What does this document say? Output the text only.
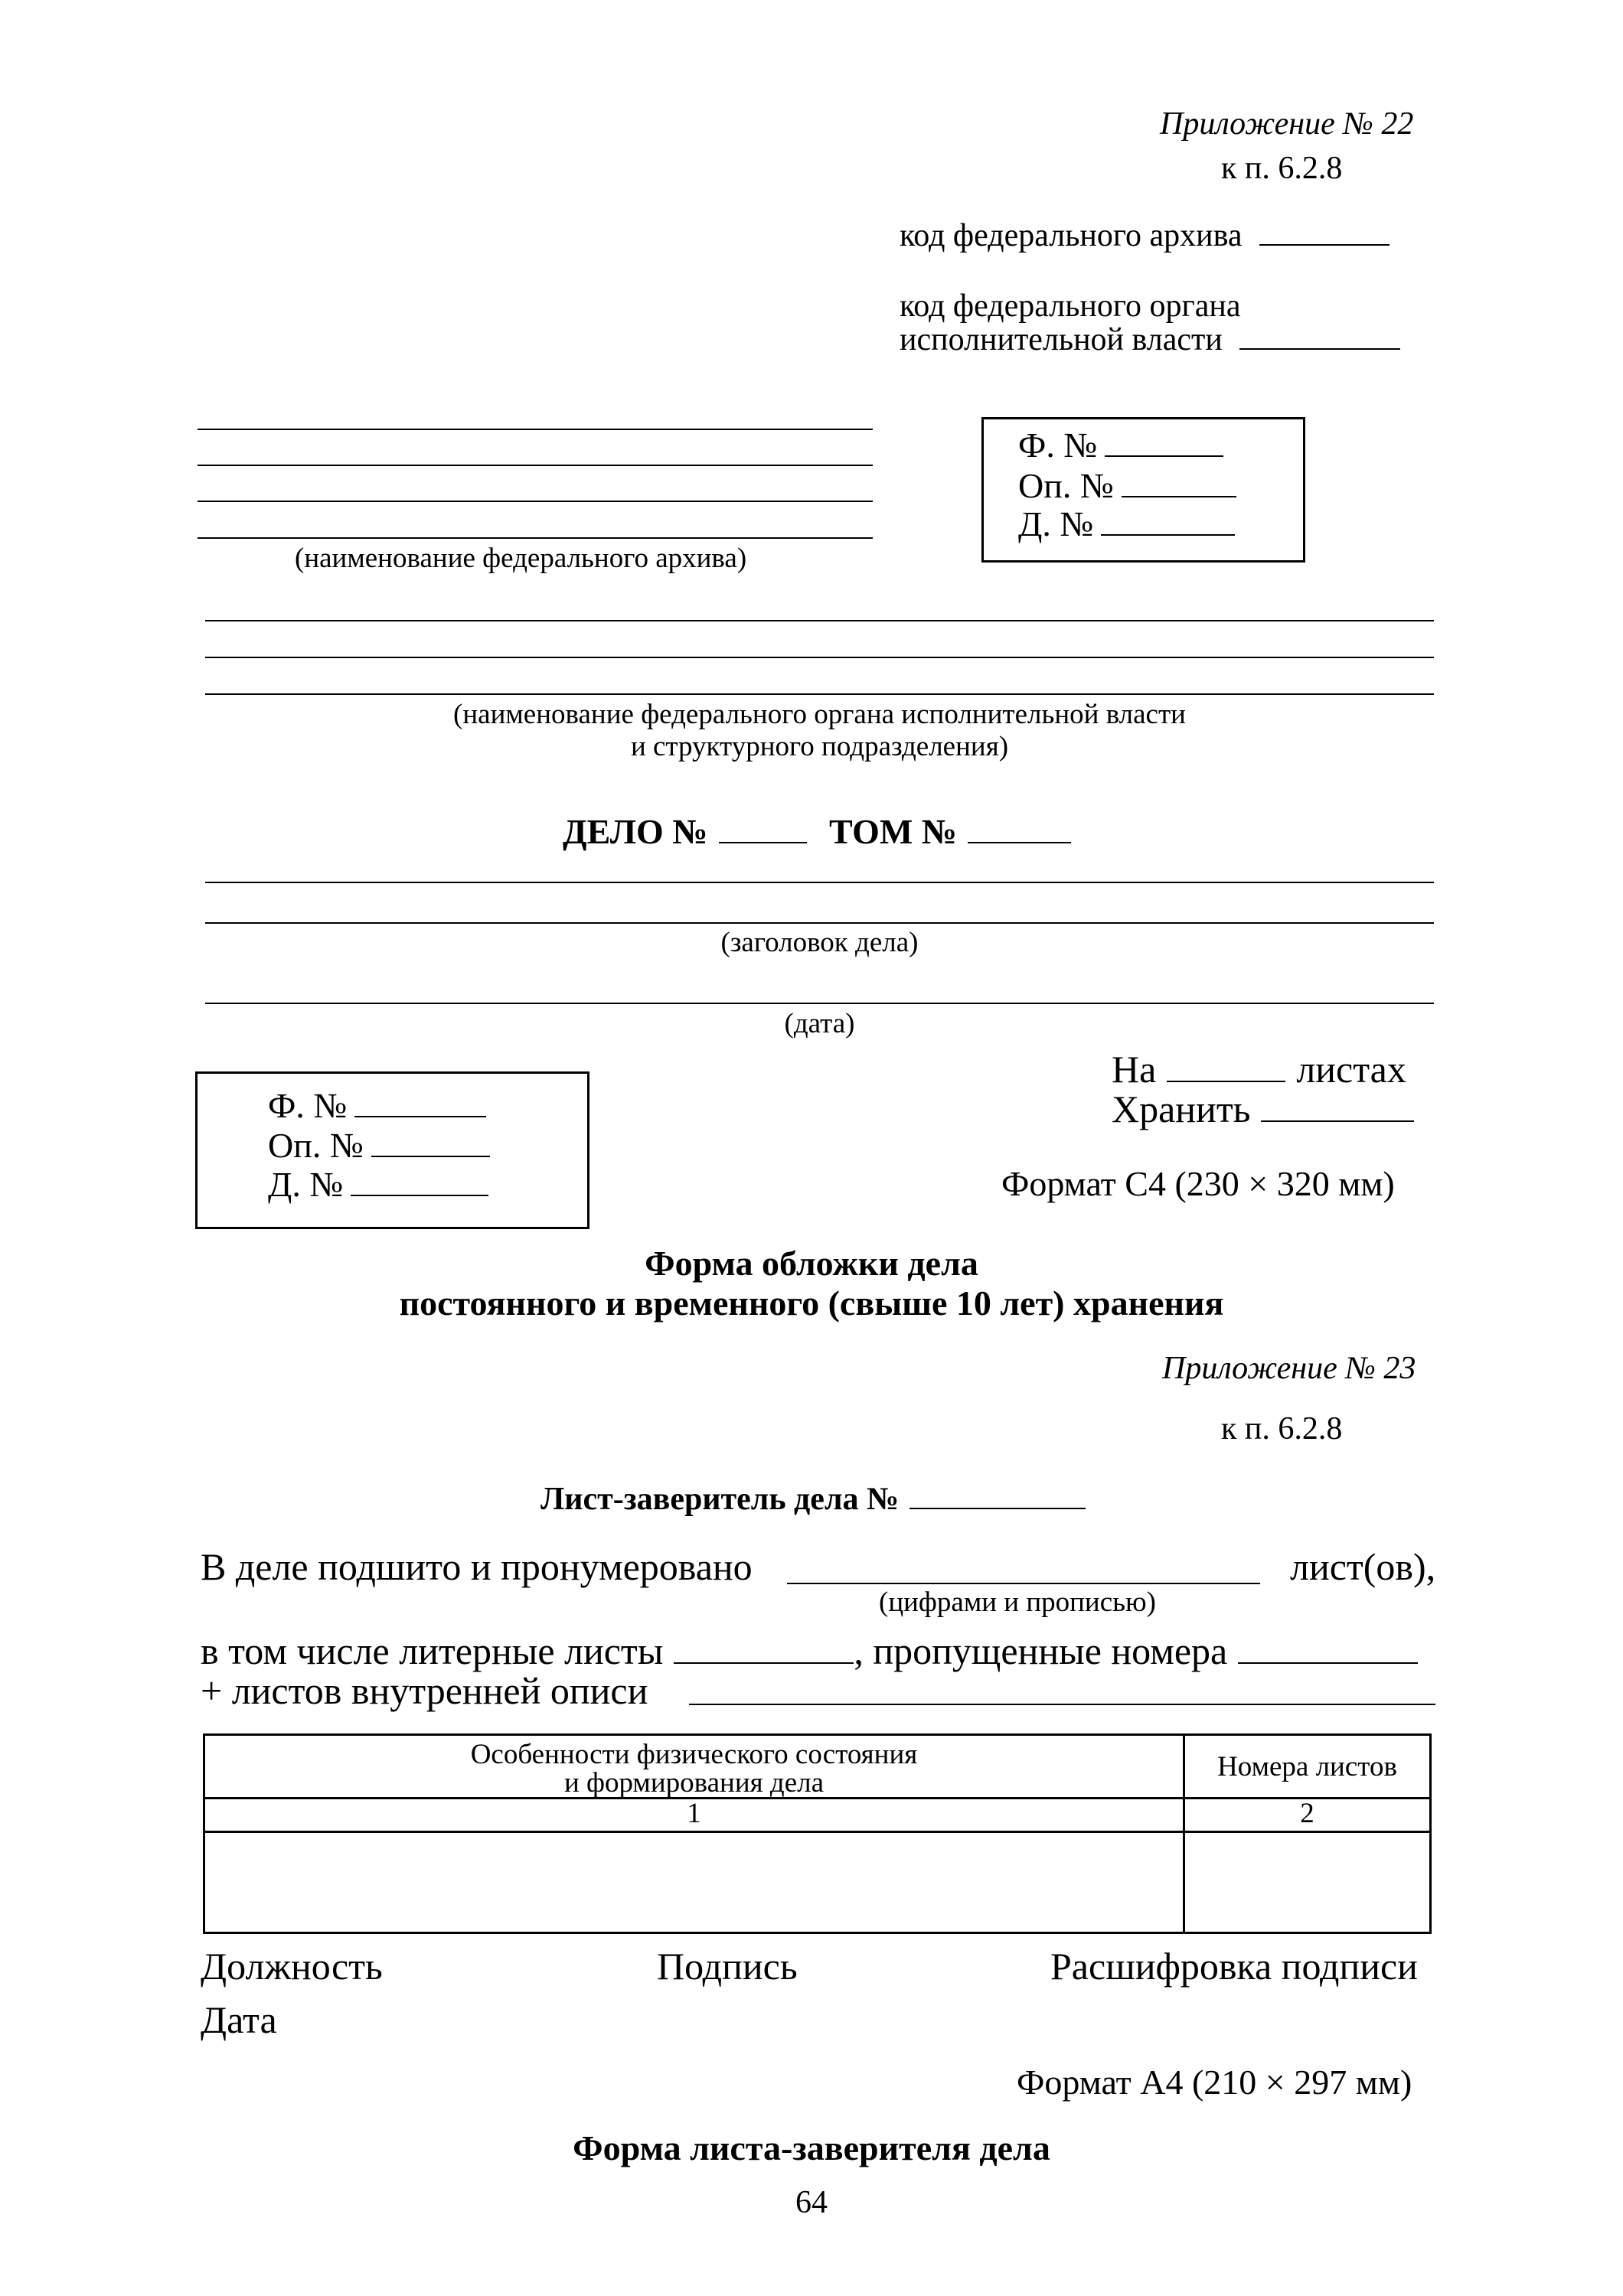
Приложение № 22
к п. 6.2.8
код федерального архива
код федерального органа
исполнительной власти
(наименование федерального архива)
Ф. №
Оп. №
Д. №
(наименование федерального органа исполнительной власти
и структурного подразделения)
ДЕЛО №	ТОМ №
(заголовок дела)
(дата)
Ф. №
Оп. №
Д. №
На	листах
Хранить
Формат С4 (230 × 320 мм)
Форма обложки дела
постоянного и временного (свыше 10 лет) хранения
Приложение № 23
к п. 6.2.8
Лист-заверитель дела №
В деле подшито и пронумеровано	лист(ов),
(цифрами и прописью)
в том числе литерные листы	, пропущенные номера
+ листов внутренней описи
Особенности физического состояния
и формирования дела	Номера листов
1	2

Должность	Подпись	Расшифровка подписи
Дата
Формат А4 (210 × 297 мм)
Форма листа-заверителя дела
64
